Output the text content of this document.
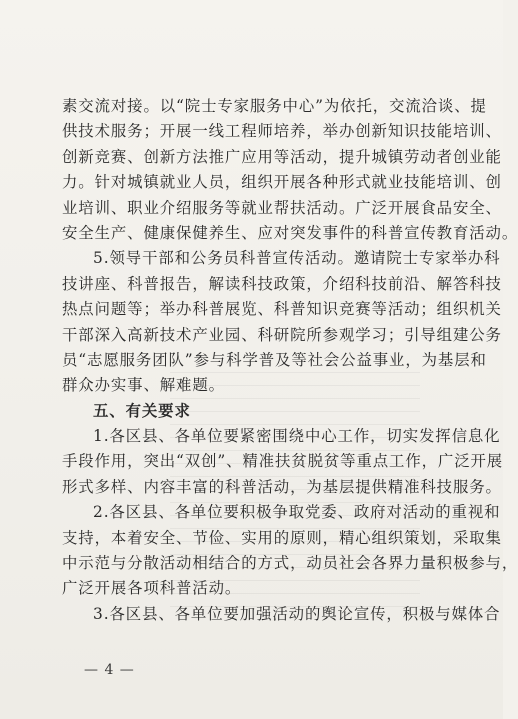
素交流对接。以“院士专家服务中心”为依托，交流洽谈、提
供技术服务；开展一线工程师培养，举办创新知识技能培训、
创新竞赛、创新方法推广应用等活动，提升城镇劳动者创业能
力。针对城镇就业人员，组织开展各种形式就业技能培训、创
业培训、职业介绍服务等就业帮扶活动。广泛开展食品安全、
安全生产、健康保健养生、应对突发事件的科普宣传教育活动。
5.领导干部和公务员科普宣传活动。邀请院士专家举办科
技讲座、科普报告，解读科技政策，介绍科技前沿、解答科技
热点问题等；举办科普展览、科普知识竞赛等活动；组织机关
干部深入高新技术产业园、科研院所参观学习；引导组建公务
员“志愿服务团队”参与科学普及等社会公益事业，为基层和
群众办实事、解难题。
五、有关要求
1.各区县、各单位要紧密围绕中心工作，切实发挥信息化
手段作用，突出“双创”、精准扶贫脱贫等重点工作，广泛开展
形式多样、内容丰富的科普活动，为基层提供精准科技服务。
2.各区县、各单位要积极争取党委、政府对活动的重视和
支持，本着安全、节俭、实用的原则，精心组织策划，采取集
中示范与分散活动相结合的方式，动员社会各界力量积极参与，
广泛开展各项科普活动。
3.各区县、各单位要加强活动的舆论宣传，积极与媒体合
— 4 —
